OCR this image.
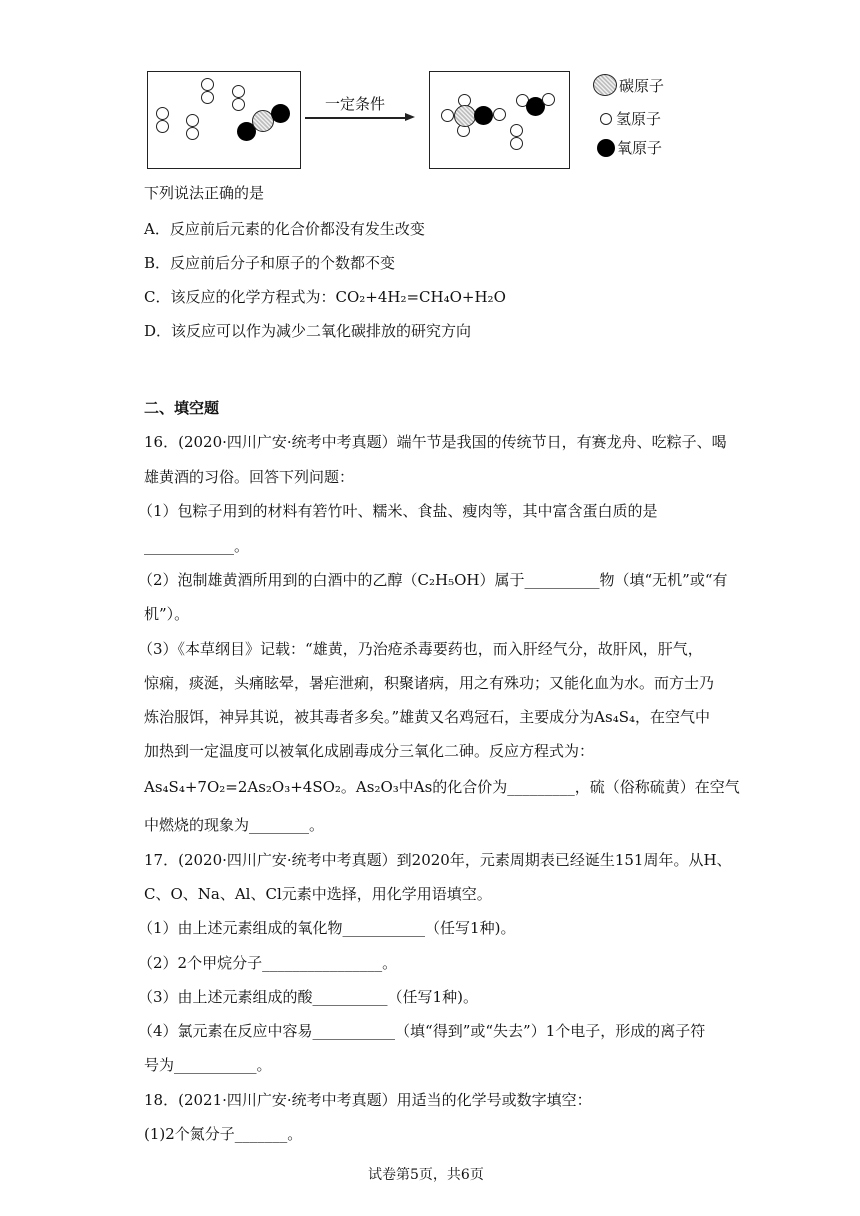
一定条件
碳原子
氢原子
氧原子
下列说法正确的是
A．反应前后元素的化合价都没有发生改变
B．反应前后分子和原子的个数都不变
C．该反应的化学方程式为：CO₂+4H₂=CH₄O+H₂O
D．该反应可以作为减少二氧化碳排放的研究方向
二、填空题
16．(2020·四川广安·统考中考真题）端午节是我国的传统节日，有赛龙舟、吃粽子、喝
雄黄酒的习俗。回答下列问题：
（1）包粽子用到的材料有箬竹叶、糯米、食盐、瘦肉等，其中富含蛋白质的是
____________。
（2）泡制雄黄酒所用到的白酒中的乙醇（C₂H₅OH）属于__________物（填“无机”或“有
机”）。
（3）《本草纲目》记载：“雄黄，乃治疮杀毒要药也，而入肝经气分，故肝风，肝气，
惊痫，痰涎，头痛眩晕，暑疟泄痢，积聚诸病，用之有殊功；又能化血为水。而方士乃
炼治服饵，神异其说，被其毒者多矣。”雄黄又名鸡冠石，主要成分为As₄S₄，在空气中
加热到一定温度可以被氧化成剧毒成分三氧化二砷。反应方程式为：
As₄S₄+7O₂=2As₂O₃+4SO₂。As₂O₃中As的化合价为_________，硫（俗称硫黄）在空气
中燃烧的现象为________。
17．(2020·四川广安·统考中考真题）到2020年，元素周期表已经诞生151周年。从H、
C、O、Na、Al、Cl元素中选择，用化学用语填空。
（1）由上述元素组成的氧化物___________（任写1种)。
（2）2个甲烷分子________________。
（3）由上述元素组成的酸__________（任写1种)。
（4）氯元素在反应中容易___________（填“得到”或“失去”）1个电子，形成的离子符
号为___________。
18．(2021·四川广安·统考中考真题）用适当的化学号或数字填空：
(1)2个氮分子_______。
试卷第5页，共6页
